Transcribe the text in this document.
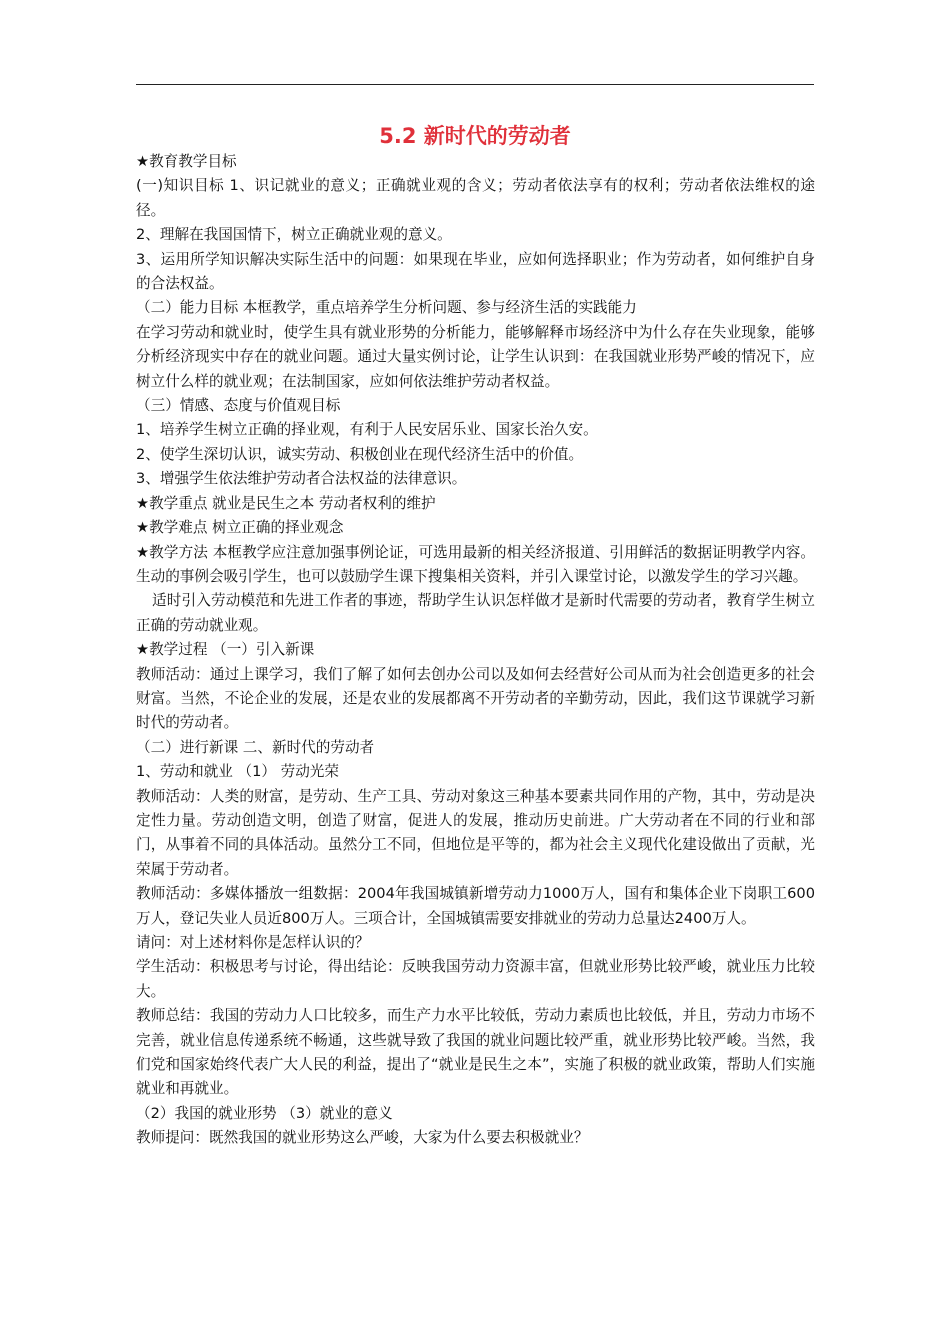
5.2 新时代的劳动者

★教育教学目标

(一)知识目标 1、识记就业的意义；正确就业观的含义；劳动者依法享有的权利；劳动者依法维权的途径。

2、理解在我国国情下，树立正确就业观的意义。

3、运用所学知识解决实际生活中的问题：如果现在毕业，应如何选择职业；作为劳动者，如何维护自身的合法权益。

（二）能力目标 本框教学，重点培养学生分析问题、参与经济生活的实践能力

在学习劳动和就业时，使学生具有就业形势的分析能力，能够解释市场经济中为什么存在失业现象，能够分析经济现实中存在的就业问题。通过大量实例讨论，让学生认识到：在我国就业形势严峻的情况下，应树立什么样的就业观；在法制国家，应如何依法维护劳动者权益。

（三）情感、态度与价值观目标

1、培养学生树立正确的择业观，有利于人民安居乐业、国家长治久安。

2、使学生深切认识，诚实劳动、积极创业在现代经济生活中的价值。

3、增强学生依法维护劳动者合法权益的法律意识。

★教学重点 就业是民生之本 劳动者权利的维护

★教学难点 树立正确的择业观念

★教学方法 本框教学应注意加强事例论证，可选用最新的相关经济报道、引用鲜活的数据证明教学内容。生动的事例会吸引学生，也可以鼓励学生课下搜集相关资料，并引入课堂讨论，以激发学生的学习兴趣。

适时引入劳动模范和先进工作者的事迹，帮助学生认识怎样做才是新时代需要的劳动者，教育学生树立正确的劳动就业观。

★教学过程 （一）引入新课

教师活动：通过上课学习，我们了解了如何去创办公司以及如何去经营好公司从而为社会创造更多的社会财富。当然，不论企业的发展，还是农业的发展都离不开劳动者的辛勤劳动，因此，我们这节课就学习新时代的劳动者。

（二）进行新课 二、新时代的劳动者

1、劳动和就业 （1） 劳动光荣

教师活动：人类的财富，是劳动、生产工具、劳动对象这三种基本要素共同作用的产物，其中，劳动是决定性力量。劳动创造文明，创造了财富，促进人的发展，推动历史前进。广大劳动者在不同的行业和部门，从事着不同的具体活动。虽然分工不同，但地位是平等的，都为社会主义现代化建设做出了贡献，光荣属于劳动者。

教师活动：多媒体播放一组数据：2004年我国城镇新增劳动力1000万人，国有和集体企业下岗职工600万人，登记失业人员近800万人。三项合计，全国城镇需要安排就业的劳动力总量达2400万人。

请问：对上述材料你是怎样认识的？

学生活动：积极思考与讨论，得出结论：反映我国劳动力资源丰富，但就业形势比较严峻，就业压力比较大。

教师总结：我国的劳动力人口比较多，而生产力水平比较低，劳动力素质也比较低，并且，劳动力市场不完善，就业信息传递系统不畅通，这些就导致了我国的就业问题比较严重，就业形势比较严峻。当然，我们党和国家始终代表广大人民的利益，提出了“就业是民生之本”，实施了积极的就业政策，帮助人们实施就业和再就业。

（2）我国的就业形势 （3）就业的意义

教师提问：既然我国的就业形势这么严峻，大家为什么要去积极就业？
